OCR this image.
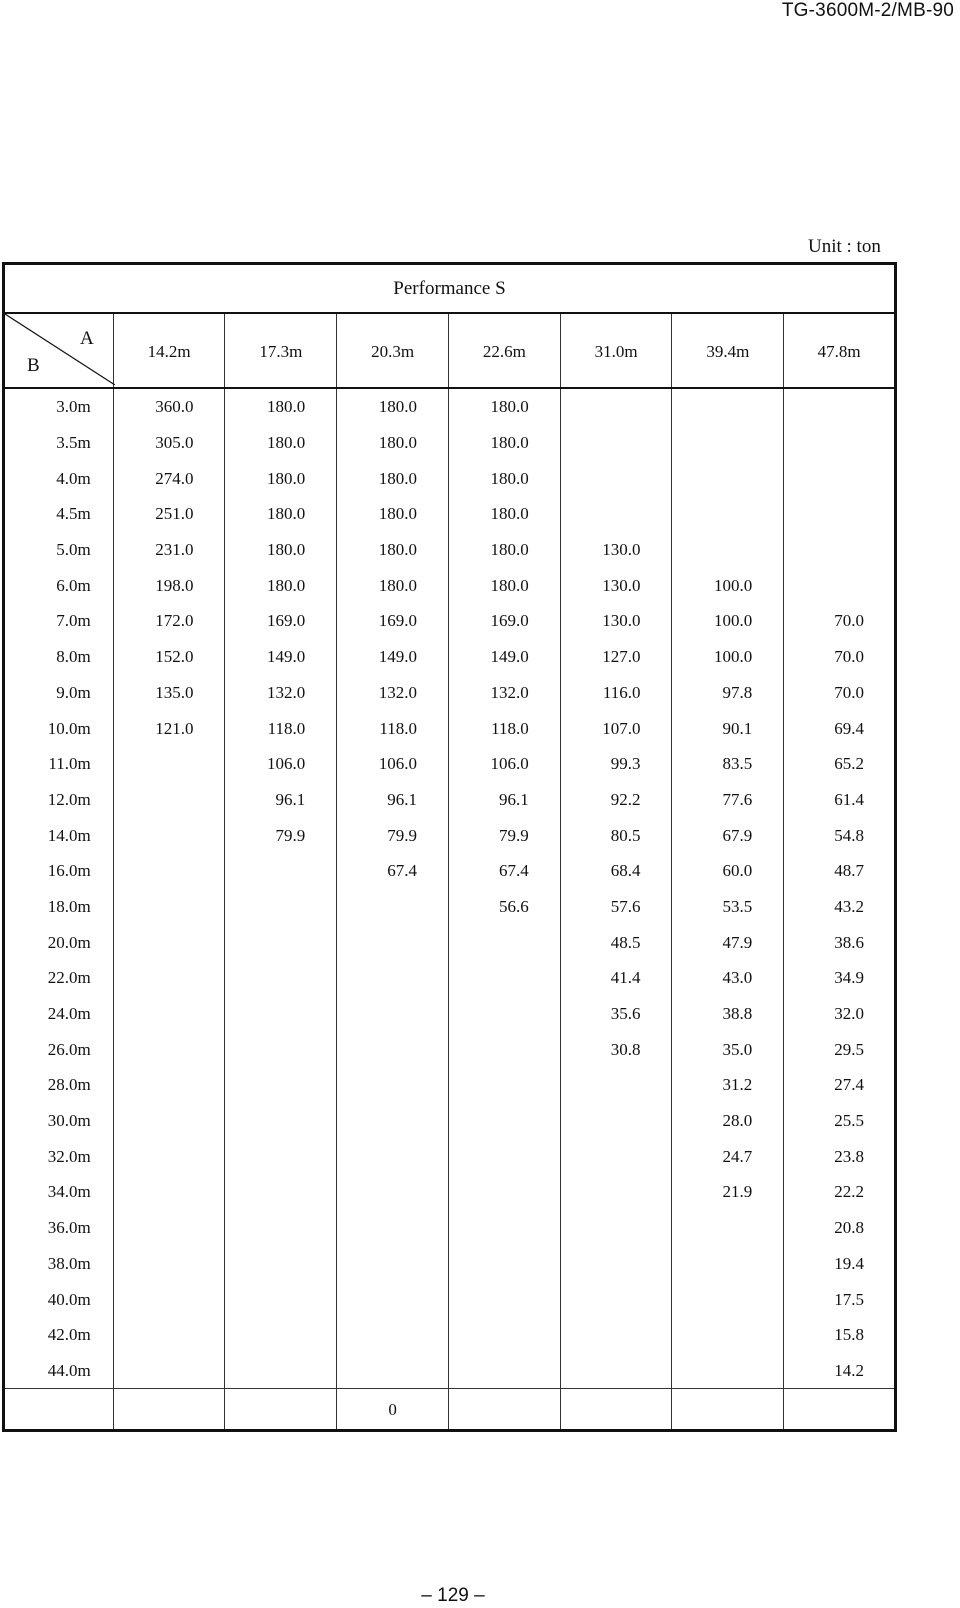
TG-3600M-2/MB-90
Unit : ton
Performance S							

A
B	14.2m	17.3m	20.3m	22.6m	31.0m	39.4m	47.8m
3.0m	360.0	180.0	180.0	180.0			
3.5m	305.0	180.0	180.0	180.0			
4.0m	274.0	180.0	180.0	180.0			
4.5m	251.0	180.0	180.0	180.0			
5.0m	231.0	180.0	180.0	180.0	130.0		
6.0m	198.0	180.0	180.0	180.0	130.0	100.0	
7.0m	172.0	169.0	169.0	169.0	130.0	100.0	70.0
8.0m	152.0	149.0	149.0	149.0	127.0	100.0	70.0
9.0m	135.0	132.0	132.0	132.0	116.0	97.8	70.0
10.0m	121.0	118.0	118.0	118.0	107.0	90.1	69.4
11.0m		106.0	106.0	106.0	99.3	83.5	65.2
12.0m		96.1	96.1	96.1	92.2	77.6	61.4
14.0m		79.9	79.9	79.9	80.5	67.9	54.8
16.0m			67.4	67.4	68.4	60.0	48.7
18.0m				56.6	57.6	53.5	43.2
20.0m					48.5	47.9	38.6
22.0m					41.4	43.0	34.9
24.0m					35.6	38.8	32.0
26.0m					30.8	35.0	29.5
28.0m						31.2	27.4
30.0m						28.0	25.5
32.0m						24.7	23.8
34.0m						21.9	22.2
36.0m							20.8
38.0m							19.4
40.0m							17.5
42.0m							15.8
44.0m							14.2
			0				
– 129 –
